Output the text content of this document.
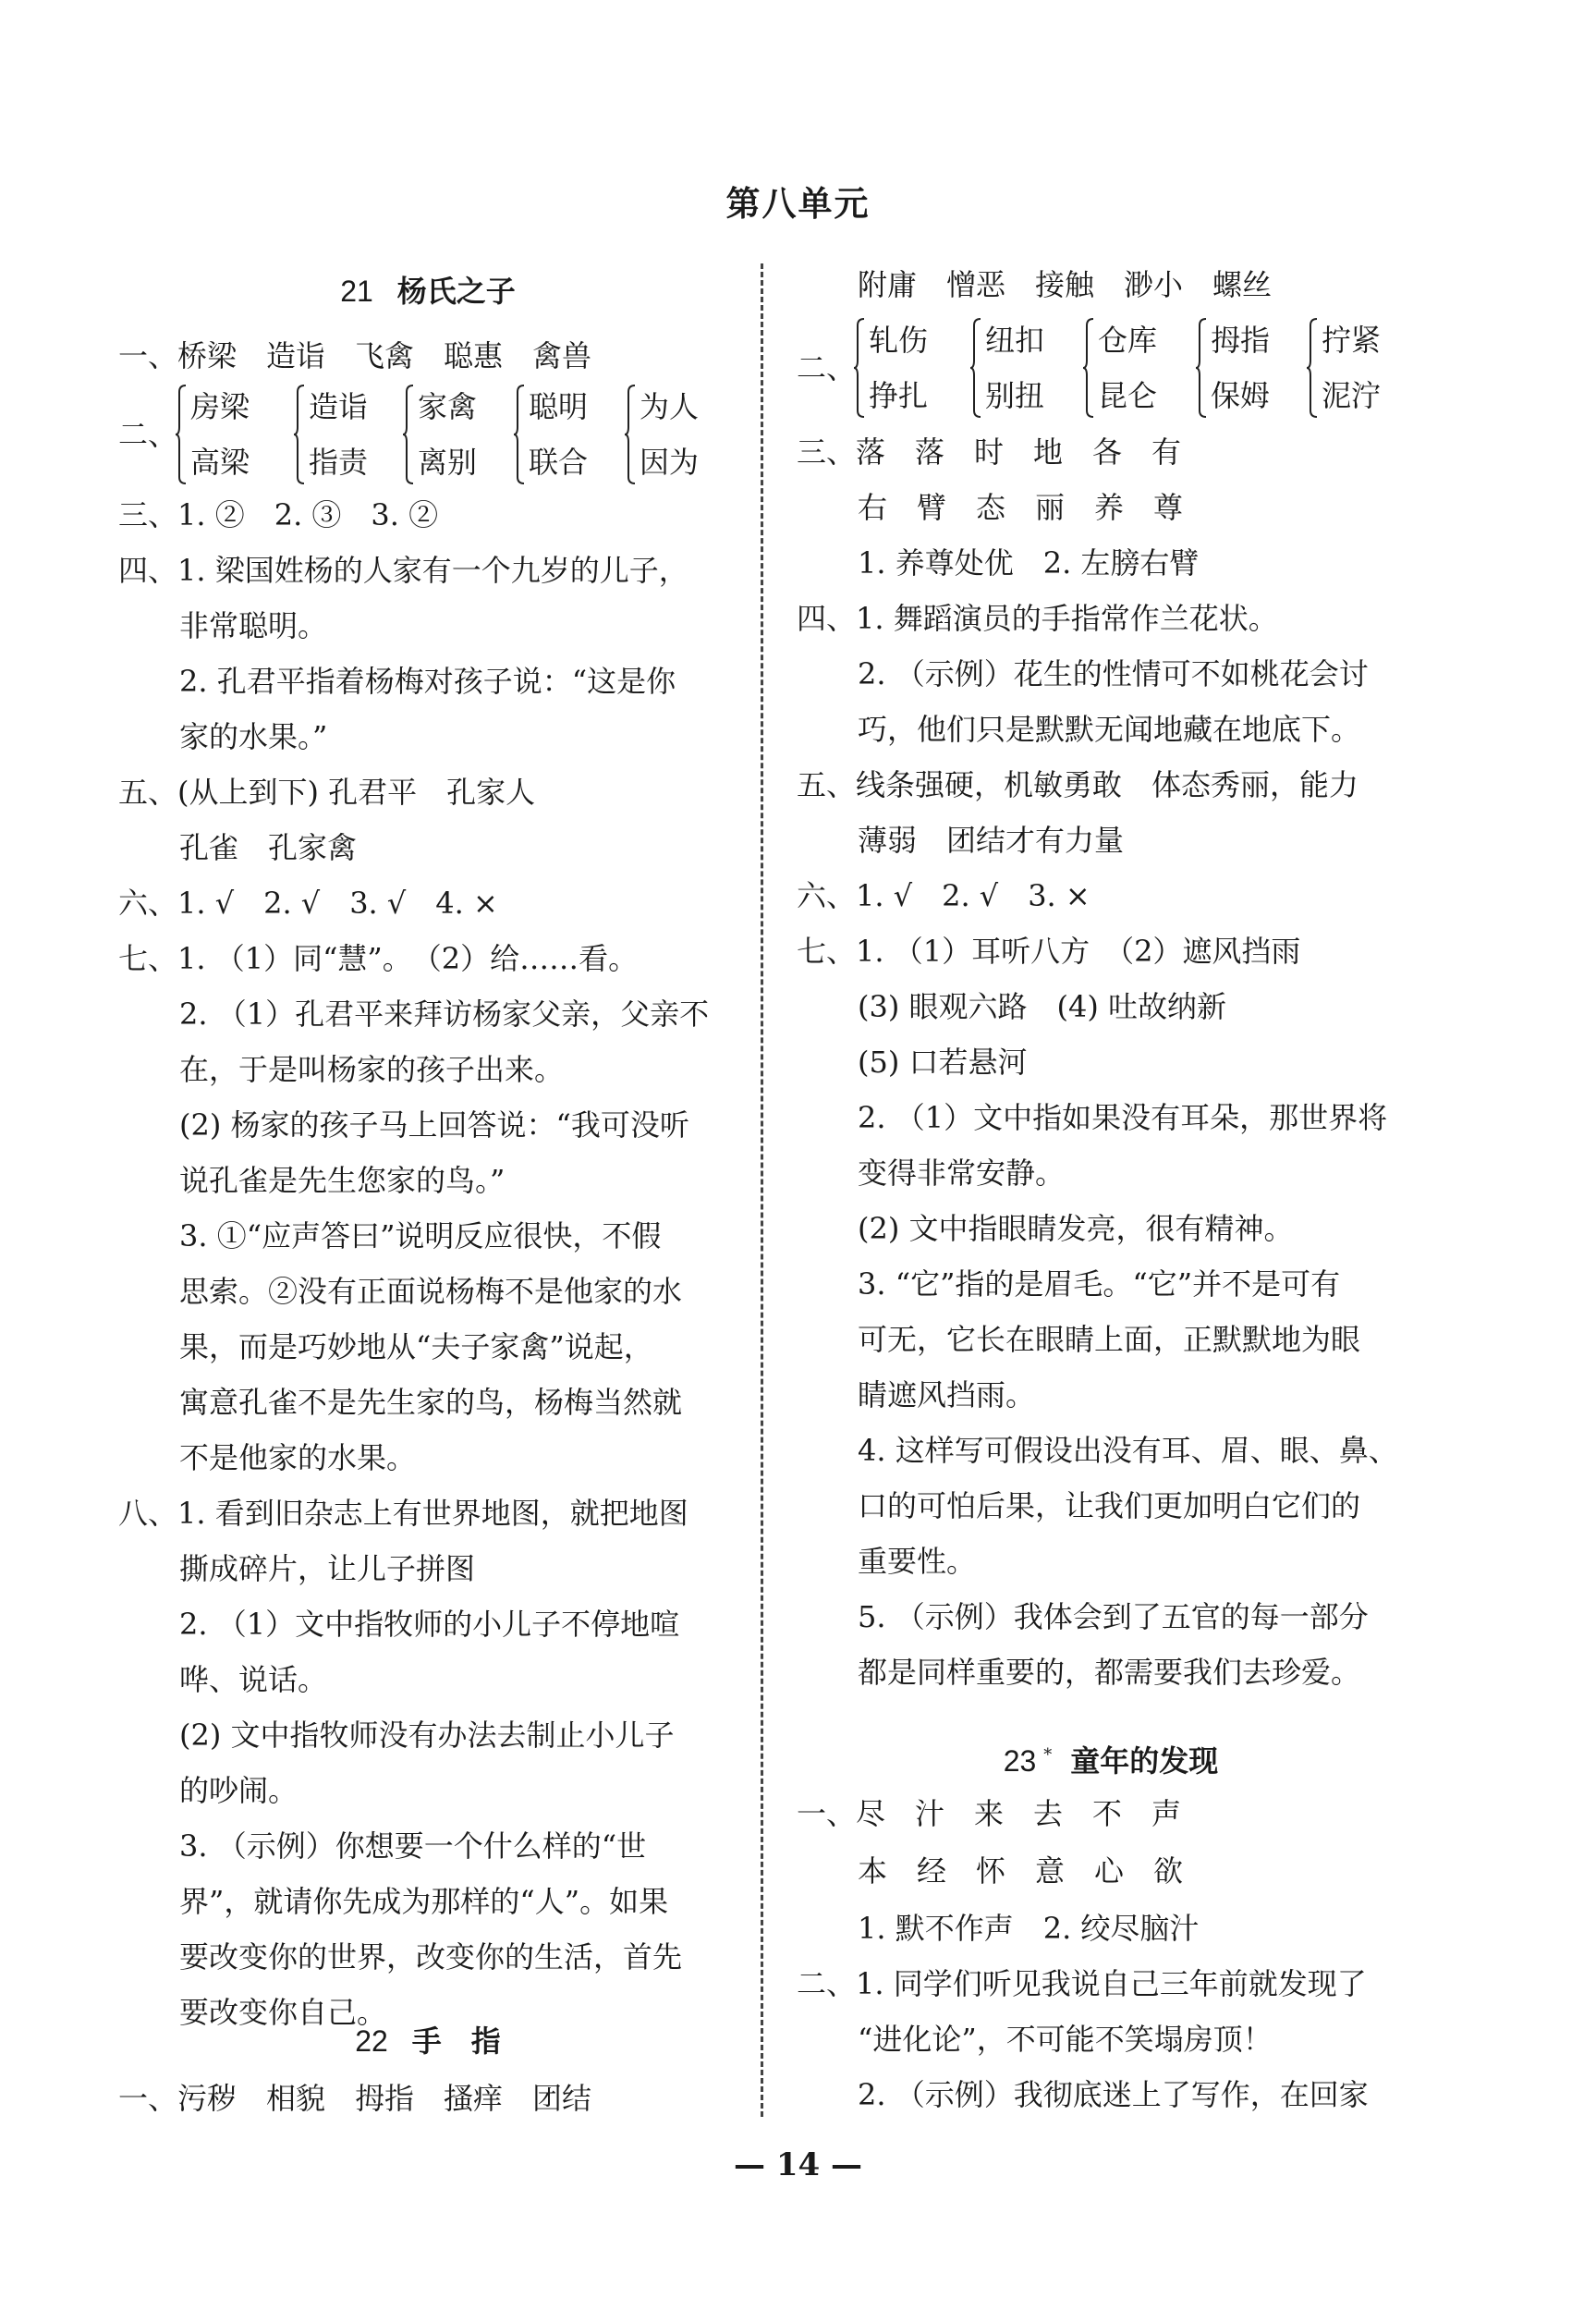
第八单元
21 杨氏之子
一、桥梁　造诣　飞禽　聪惠　禽兽
二、
房梁
高梁
造诣
指责
家禽
离别
聪明
联合
为人
因为
三、1. ②　2. ③　3. ②
四、1. 梁国姓杨的人家有一个九岁的儿子，
非常聪明。
2. 孔君平指着杨梅对孩子说：“这是你
家的水果。”
五、(从上到下) 孔君平　孔家人
孔雀　孔家禽
六、1. √　2. √　3. √　4. ×
七、1. （1）同“慧”。　（2）给……看。
2. （1）孔君平来拜访杨家父亲，父亲不
在，于是叫杨家的孩子出来。
(2) 杨家的孩子马上回答说：“我可没听
说孔雀是先生您家的鸟。”
3. ①“应声答曰”说明反应很快，不假
思索。②没有正面说杨梅不是他家的水
果，而是巧妙地从“夫子家禽”说起，
寓意孔雀不是先生家的鸟，杨梅当然就
不是他家的水果。
八、1. 看到旧杂志上有世界地图，就把地图
撕成碎片，让儿子拼图
2. （1）文中指牧师的小儿子不停地喧
哗、说话。
(2) 文中指牧师没有办法去制止小儿子
的吵闹。
3. （示例）你想要一个什么样的“世
界”，就请你先成为那样的“人”。如果
要改变你的世界，改变你的生活，首先
要改变你自己。
22 手　指
一、污秽　相貌　拇指　搔痒　团结
附庸　憎恶　接触　渺小　螺丝
二、
轧伤
挣扎
纽扣
别扭
仓库
昆仑
拇指
保姆
拧紧
泥泞
三、落　落　时　地　各　有
右　臂　态　丽　养　尊
1. 养尊处优　2. 左膀右臂
四、1. 舞蹈演员的手指常作兰花状。
2. （示例）花生的性情可不如桃花会讨
巧，他们只是默默无闻地藏在地底下。
五、线条强硬，机敏勇敢　体态秀丽，能力
薄弱　团结才有力量
六、1. √　2. √　3. ×
七、1. （1）耳听八方　（2）遮风挡雨
(3) 眼观六路　(4) 吐故纳新
(5) 口若悬河
2. （1）文中指如果没有耳朵，那世界将
变得非常安静。
(2) 文中指眼睛发亮，很有精神。
3. “它”指的是眉毛。“它”并不是可有
可无，它长在眼睛上面，正默默地为眼
睛遮风挡雨。
4. 这样写可假设出没有耳、眉、眼、鼻、
口的可怕后果，让我们更加明白它们的
重要性。
5. （示例）我体会到了五官的每一部分
都是同样重要的，都需要我们去珍爱。
23 * 童年的发现
一、尽　汁　来　去　不　声
本　经　怀　意　心　欲
1. 默不作声　2. 绞尽脑汁
二、1. 同学们听见我说自己三年前就发现了
“进化论”，不可能不笑塌房顶！
2. （示例）我彻底迷上了写作，在回家
— 14 —
